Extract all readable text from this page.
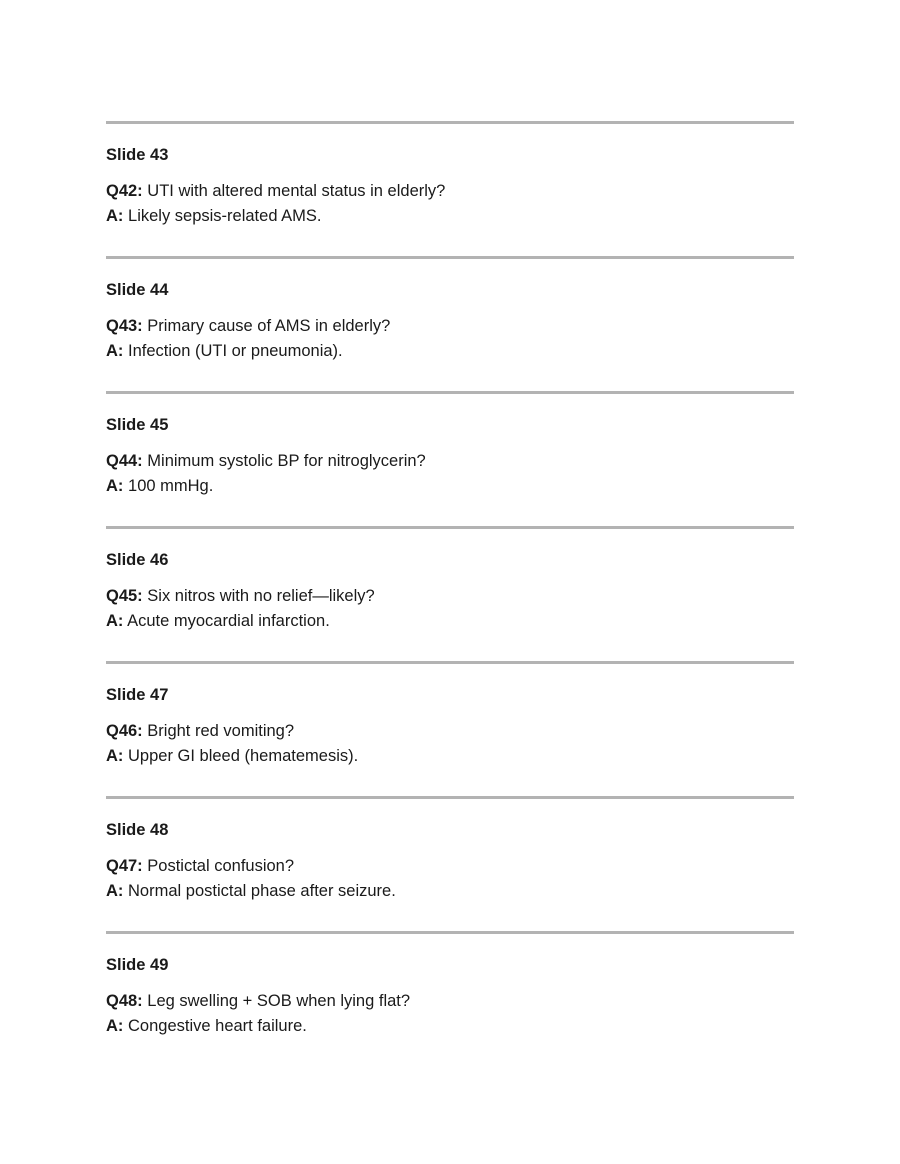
Slide 43
Q42: UTI with altered mental status in elderly?
A: Likely sepsis-related AMS.
Slide 44
Q43: Primary cause of AMS in elderly?
A: Infection (UTI or pneumonia).
Slide 45
Q44: Minimum systolic BP for nitroglycerin?
A: 100 mmHg.
Slide 46
Q45: Six nitros with no relief—likely?
A: Acute myocardial infarction.
Slide 47
Q46: Bright red vomiting?
A: Upper GI bleed (hematemesis).
Slide 48
Q47: Postictal confusion?
A: Normal postictal phase after seizure.
Slide 49
Q48: Leg swelling + SOB when lying flat?
A: Congestive heart failure.
